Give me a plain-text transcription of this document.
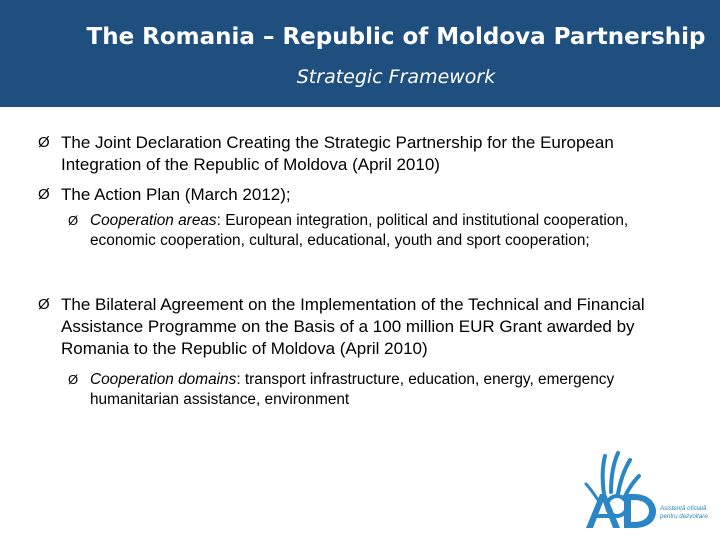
The Romania – Republic of Moldova Partnership
Strategic Framework
Ø The Joint Declaration Creating the Strategic Partnership for the European Integration of the Republic of Moldova (April 2010)
Ø The Action Plan (March 2012);
Ø Cooperation areas: European integration, political and institutional cooperation, economic cooperation, cultural, educational, youth and sport cooperation;
Ø The Bilateral Agreement on the Implementation of the Technical and Financial Assistance Programme on the Basis of a 100 million EUR Grant awarded by Romania to the Republic of Moldova (April 2010)
Ø Cooperation domains: transport infrastructure, education, energy, emergency humanitarian assistance, environment
Asistență oficială
pentru dezvoltare
